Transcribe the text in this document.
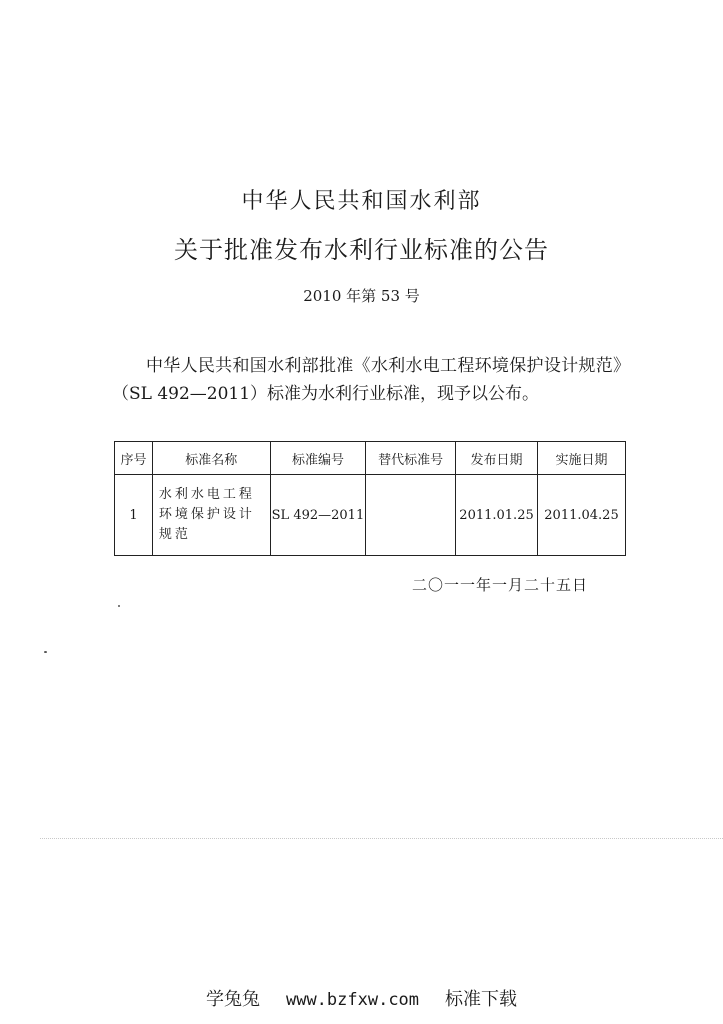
中华人民共和国水利部
关于批准发布水利行业标准的公告
2010 年第 53 号
中华人民共和国水利部批准《水利水电工程环境保护设计规范》（SL 492—2011）标准为水利行业标准，现予以公布。
序号	标准名称	标准编号	替代标准号	发布日期	实施日期
1	水利水电工程环境保护设计规范	SL 492—2011		2011.01.25	2011.04.25
二〇一一年一月二十五日
学兔兔 www.bzfxw.com 标准下载
